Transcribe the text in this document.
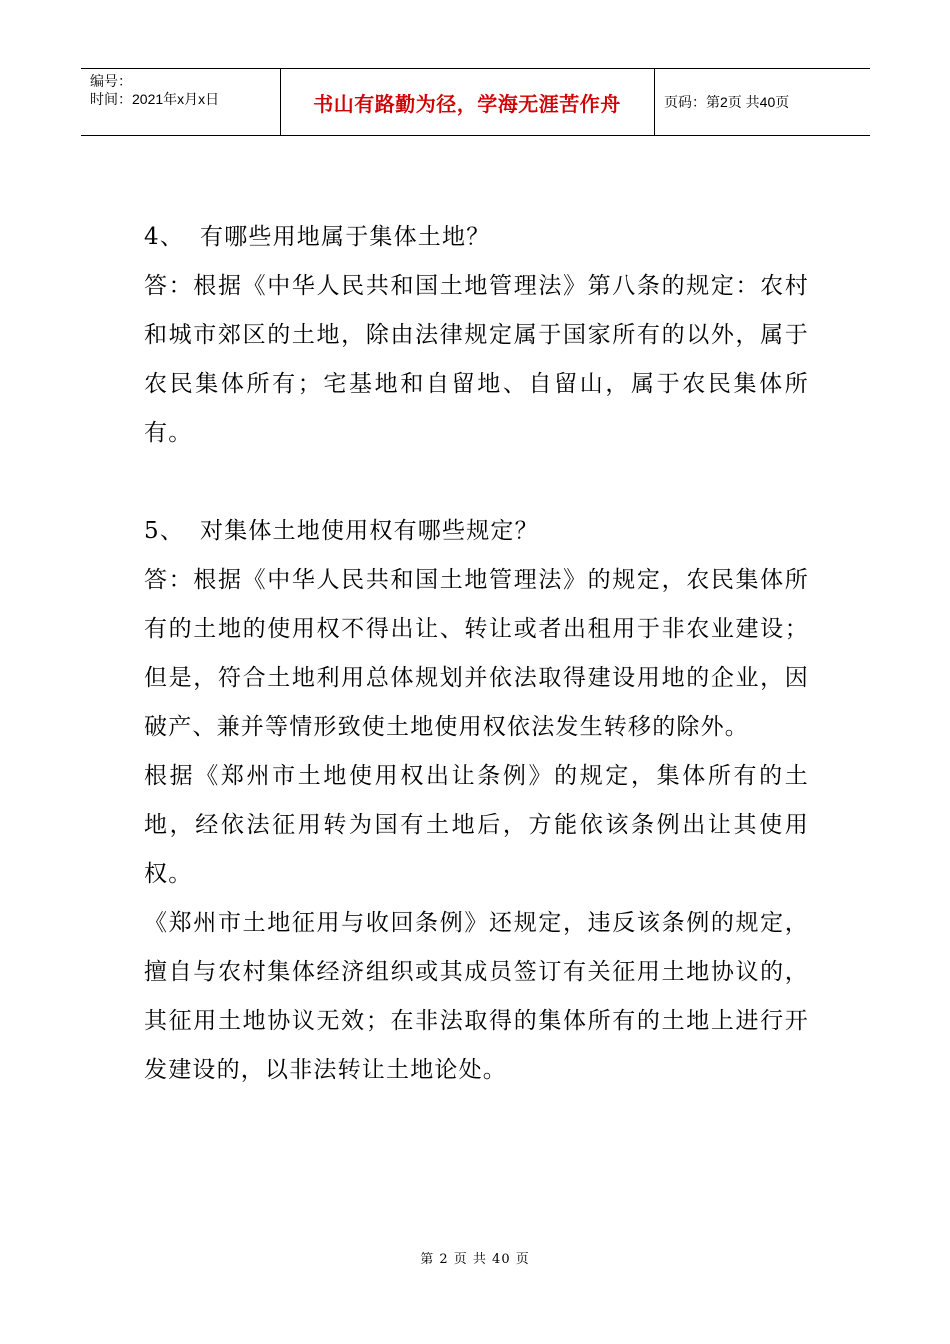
编号：
时间：2021年x月x日	书山有路勤为径，学海无涯苦作舟	页码：第2页 共40页

4、 有哪些用地属于集体土地？

答：根据《中华人民共和国土地管理法》第八条的规定：农村和城市郊区的土地，除由法律规定属于国家所有的以外，属于农民集体所有；宅基地和自留地、自留山，属于农民集体所有。

5、 对集体土地使用权有哪些规定？

答：根据《中华人民共和国土地管理法》的规定，农民集体所有的土地的使用权不得出让、转让或者出租用于非农业建设；但是，符合土地利用总体规划并依法取得建设用地的企业，因破产、兼并等情形致使土地使用权依法发生转移的除外。

根据《郑州市土地使用权出让条例》的规定，集体所有的土地，经依法征用转为国有土地后，方能依该条例出让其使用权。

《郑州市土地征用与收回条例》还规定，违反该条例的规定，擅自与农村集体经济组织或其成员签订有关征用土地协议的，其征用土地协议无效；在非法取得的集体所有的土地上进行开发建设的，以非法转让土地论处。

第 2 页 共 40 页
